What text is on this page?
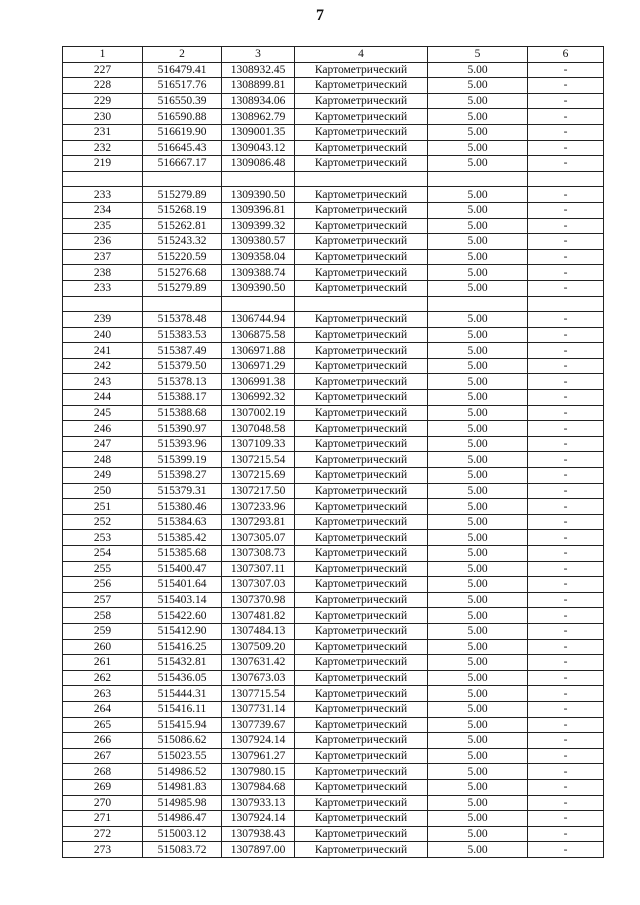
7
1	2	3	4	5	6
227	516479.41	1308932.45	Картометрический	5.00	-
228	516517.76	1308899.81	Картометрический	5.00	-
229	516550.39	1308934.06	Картометрический	5.00	-
230	516590.88	1308962.79	Картометрический	5.00	-
231	516619.90	1309001.35	Картометрический	5.00	-
232	516645.43	1309043.12	Картометрический	5.00	-
219	516667.17	1309086.48	Картометрический	5.00	-

233	515279.89	1309390.50	Картометрический	5.00	-
234	515268.19	1309396.81	Картометрический	5.00	-
235	515262.81	1309399.32	Картометрический	5.00	-
236	515243.32	1309380.57	Картометрический	5.00	-
237	515220.59	1309358.04	Картометрический	5.00	-
238	515276.68	1309388.74	Картометрический	5.00	-
233	515279.89	1309390.50	Картометрический	5.00	-

239	515378.48	1306744.94	Картометрический	5.00	-
240	515383.53	1306875.58	Картометрический	5.00	-
241	515387.49	1306971.88	Картометрический	5.00	-
242	515379.50	1306971.29	Картометрический	5.00	-
243	515378.13	1306991.38	Картометрический	5.00	-
244	515388.17	1306992.32	Картометрический	5.00	-
245	515388.68	1307002.19	Картометрический	5.00	-
246	515390.97	1307048.58	Картометрический	5.00	-
247	515393.96	1307109.33	Картометрический	5.00	-
248	515399.19	1307215.54	Картометрический	5.00	-
249	515398.27	1307215.69	Картометрический	5.00	-
250	515379.31	1307217.50	Картометрический	5.00	-
251	515380.46	1307233.96	Картометрический	5.00	-
252	515384.63	1307293.81	Картометрический	5.00	-
253	515385.42	1307305.07	Картометрический	5.00	-
254	515385.68	1307308.73	Картометрический	5.00	-
255	515400.47	1307307.11	Картометрический	5.00	-
256	515401.64	1307307.03	Картометрический	5.00	-
257	515403.14	1307370.98	Картометрический	5.00	-
258	515422.60	1307481.82	Картометрический	5.00	-
259	515412.90	1307484.13	Картометрический	5.00	-
260	515416.25	1307509.20	Картометрический	5.00	-
261	515432.81	1307631.42	Картометрический	5.00	-
262	515436.05	1307673.03	Картометрический	5.00	-
263	515444.31	1307715.54	Картометрический	5.00	-
264	515416.11	1307731.14	Картометрический	5.00	-
265	515415.94	1307739.67	Картометрический	5.00	-
266	515086.62	1307924.14	Картометрический	5.00	-
267	515023.55	1307961.27	Картометрический	5.00	-
268	514986.52	1307980.15	Картометрический	5.00	-
269	514981.83	1307984.68	Картометрический	5.00	-
270	514985.98	1307933.13	Картометрический	5.00	-
271	514986.47	1307924.14	Картометрический	5.00	-
272	515003.12	1307938.43	Картометрический	5.00	-
273	515083.72	1307897.00	Картометрический	5.00	-
